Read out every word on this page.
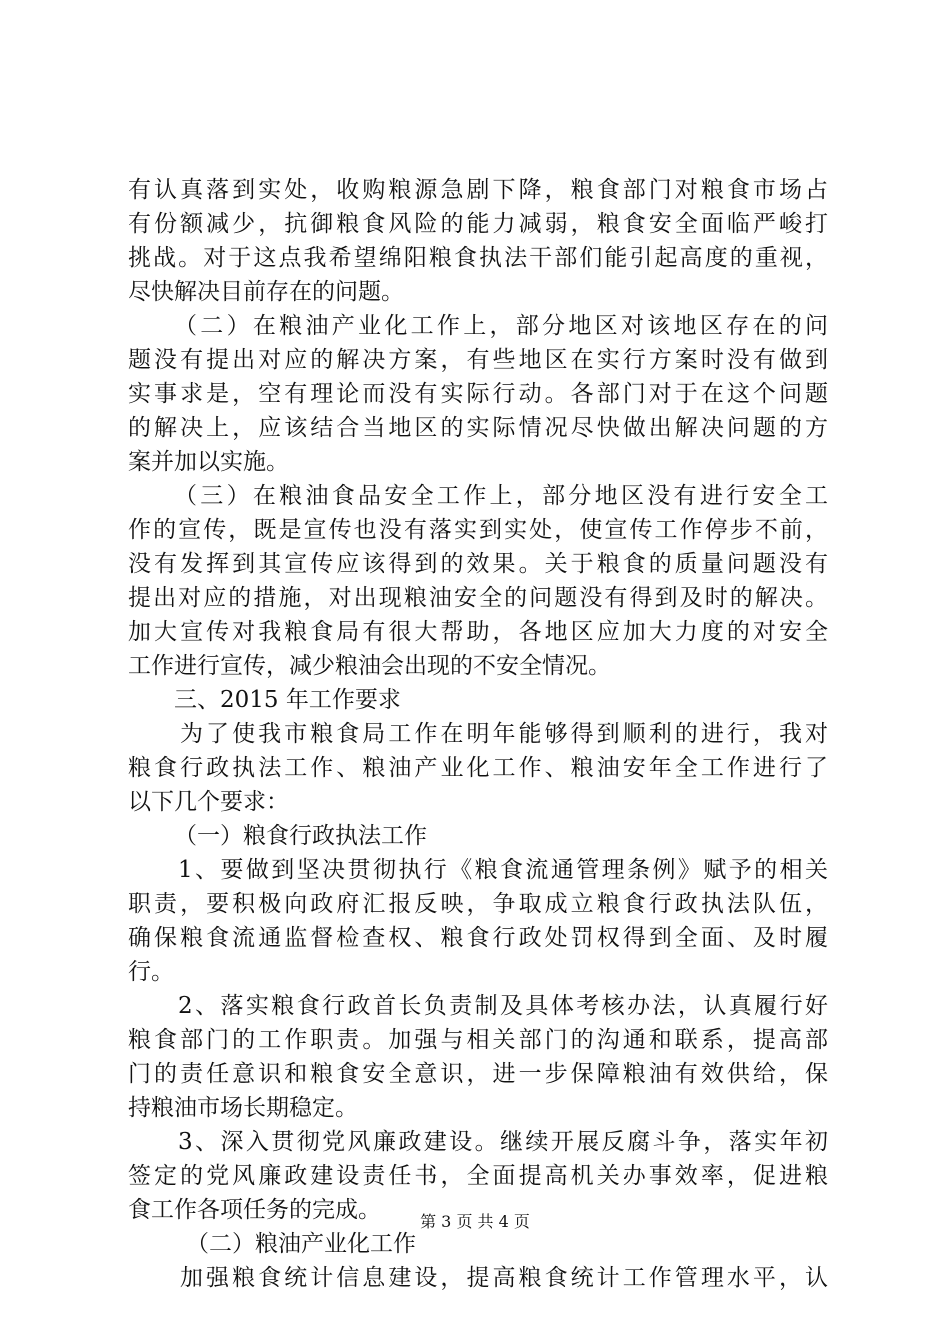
有认真落到实处，收购粮源急剧下降，粮食部门对粮食市场占
有份额减少，抗御粮食风险的能力减弱，粮食安全面临严峻打
挑战。对于这点我希望绵阳粮食执法干部们能引起高度的重视，
尽快解决目前存在的问题。
（二）在粮油产业化工作上，部分地区对该地区存在的问
题没有提出对应的解决方案，有些地区在实行方案时没有做到
实事求是，空有理论而没有实际行动。各部门对于在这个问题
的解决上，应该结合当地区的实际情况尽快做出解决问题的方
案并加以实施。
（三）在粮油食品安全工作上，部分地区没有进行安全工
作的宣传，既是宣传也没有落实到实处，使宣传工作停步不前，
没有发挥到其宣传应该得到的效果。关于粮食的质量问题没有
提出对应的措施，对出现粮油安全的问题没有得到及时的解决。
加大宣传对我粮食局有很大帮助，各地区应加大力度的对安全
工作进行宣传，减少粮油会出现的不安全情况。
三、2015 年工作要求
为了使我市粮食局工作在明年能够得到顺利的进行，我对
粮食行政执法工作、粮油产业化工作、粮油安年全工作进行了
以下几个要求：
（一）粮食行政执法工作
1、要做到坚决贯彻执行《粮食流通管理条例》赋予的相关
职责，要积极向政府汇报反映，争取成立粮食行政执法队伍，
确保粮食流通监督检查权、粮食行政处罚权得到全面、及时履
行。
2、落实粮食行政首长负责制及具体考核办法，认真履行好
粮食部门的工作职责。加强与相关部门的沟通和联系，提高部
门的责任意识和粮食安全意识，进一步保障粮油有效供给，保
持粮油市场长期稳定。
3、深入贯彻党风廉政建设。继续开展反腐斗争，落实年初
签定的党风廉政建设责任书，全面提高机关办事效率，促进粮
食工作各项任务的完成。
（二）粮油产业化工作
加强粮食统计信息建设，提高粮食统计工作管理水平，认
第 3 页 共 4 页
